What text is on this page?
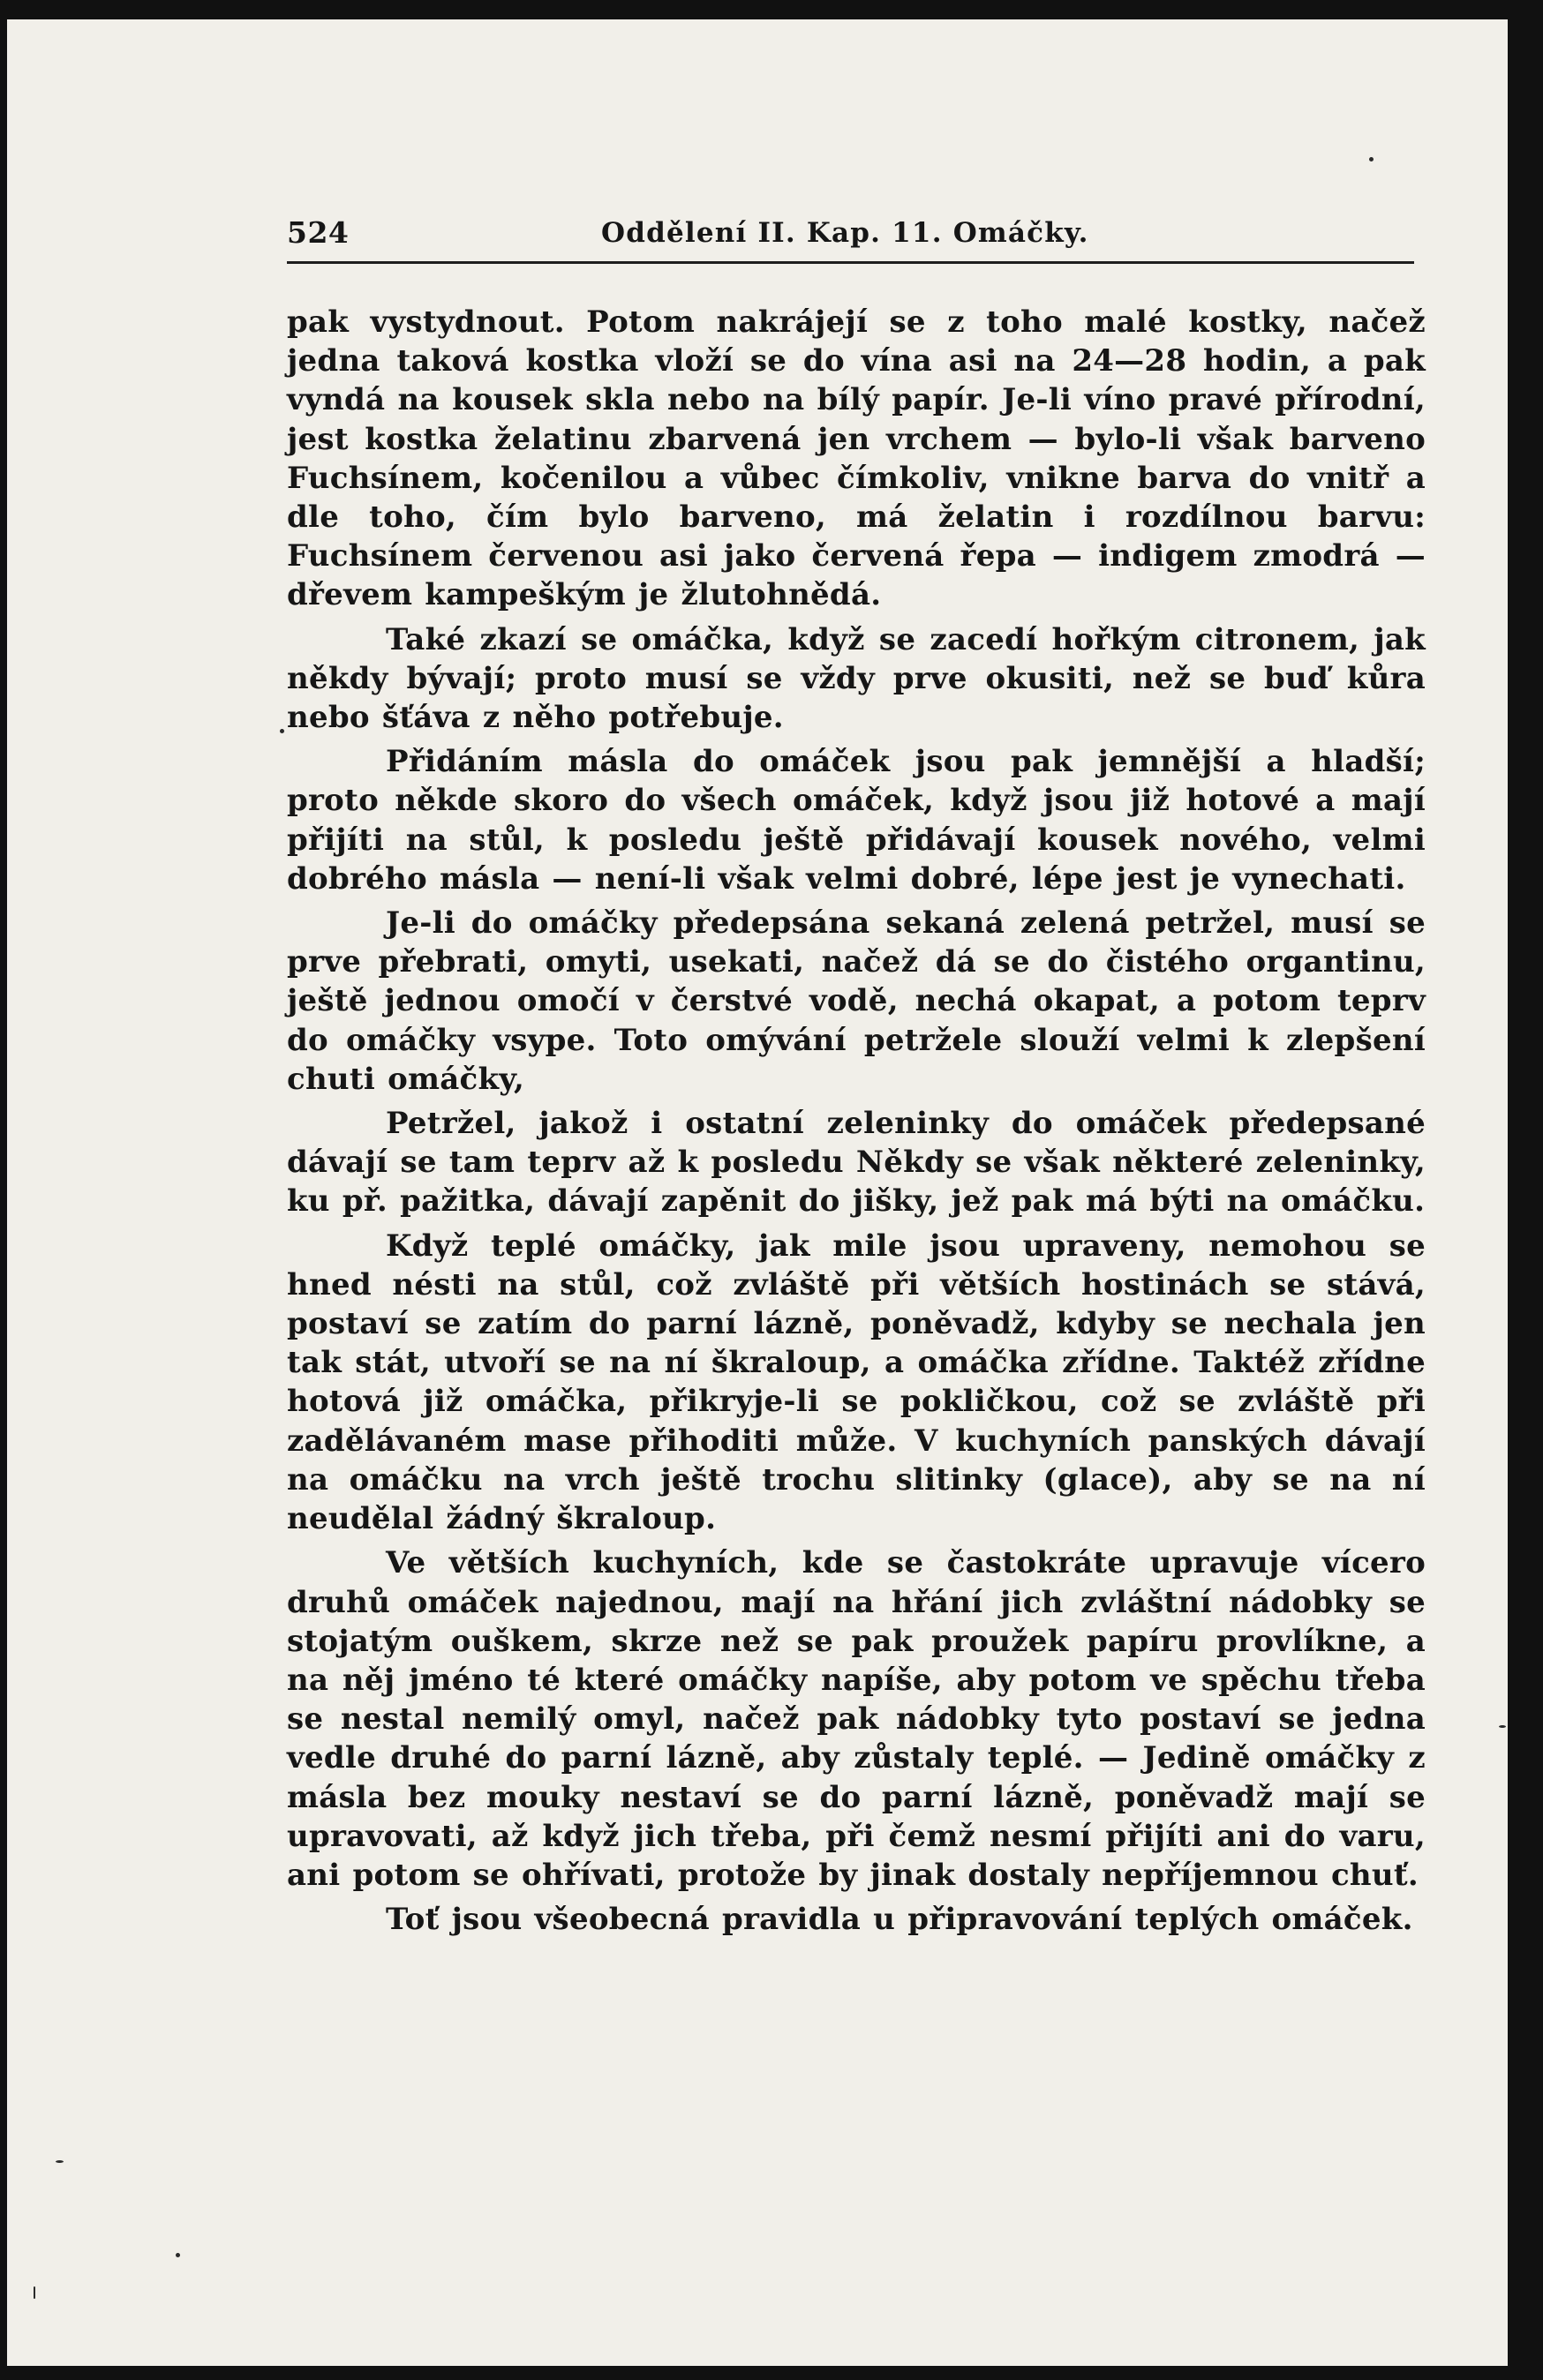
524	Oddělení II. Kap. 11. Omáčky.

pak vystydnout. Potom nakrájejí se z toho malé kostky, načež jedna taková kostka vloží se do vína asi na 24—28 hodin, a pak vyndá na kousek skla nebo na bílý papír. Je-li víno pravé přírodní, jest kostka želatinu zbarvená jen vrchem — bylo-li však barveno Fuchsínem, kočenilou a vůbec čímkoliv, vnikne barva do vnitř a dle toho, čím bylo barveno, má želatin i rozdílnou barvu: Fuchsínem červenou asi jako červená řepa — indigem zmodrá — dřevem kampeškým je žlutohnědá.

Také zkazí se omáčka, když se zacedí hořkým citronem, jak někdy bývají; proto musí se vždy prve okusiti, než se buď kůra nebo šťáva z něho potřebuje.

Přidáním másla do omáček jsou pak jemnější a hladší; proto někde skoro do všech omáček, když jsou již hotové a mají přijíti na stůl, k posledu ještě přidávají kousek nového, velmi dobrého másla — není-li však velmi dobré, lépe jest je vynechati.

Je-li do omáčky předepsána sekaná zelená petržel, musí se prve přebrati, omyti, usekati, načež dá se do čistého organtinu, ještě jednou omočí v čerstvé vodě, nechá okapat, a potom teprv do omáčky vsype. Toto omývání petržele slouží velmi k zlepšení chuti omáčky,

Petržel, jakož i ostatní zeleninky do omáček předepsané dávají se tam teprv až k posledu Někdy se však některé zeleninky, ku př. pažitka, dávají zapěnit do jišky, jež pak má býti na omáčku.

Když teplé omáčky, jak mile jsou upraveny, nemohou se hned nésti na stůl, což zvláště při větších hostinách se stává, postaví se zatím do parní lázně, poněvadž, kdyby se nechala jen tak stát, utvoří se na ní škraloup, a omáčka zřídne. Taktéž zřídne hotová již omáčka, přikryje-li se pokličkou, což se zvláště při zadělávaném mase přihoditi může. V kuchyních panských dávají na omáčku na vrch ještě trochu slitinky (glace), aby se na ní neudělal žádný škraloup.

Ve větších kuchyních, kde se častokráte upravuje vícero druhů omáček najednou, mají na hřání jich zvláštní nádobky se stojatým ouškem, skrze než se pak proužek papíru provlíkne, a na něj jméno té které omáčky napíše, aby potom ve spěchu třeba se nestal nemilý omyl, načež pak nádobky tyto postaví se jedna vedle druhé do parní lázně, aby zůstaly teplé. — Jedině omáčky z másla bez mouky nestaví se do parní lázně, poněvadž mají se upravovati, až když jich třeba, při čemž nesmí přijíti ani do varu, ani potom se ohřívati, protože by jinak dostaly nepříjemnou chuť.

Toť jsou všeobecná pravidla u připravování teplých omáček.
